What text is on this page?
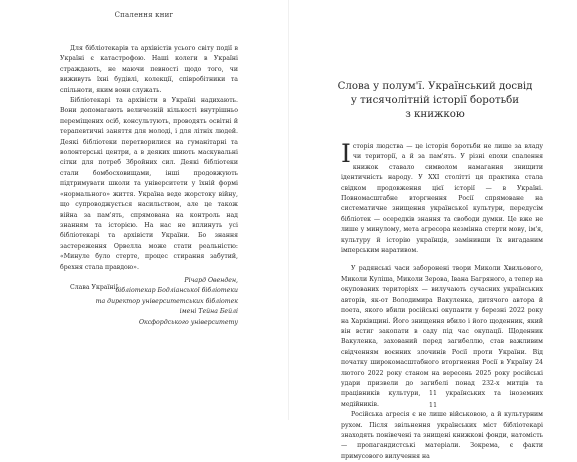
Спалення книг

Для бібліотекарів та архівістів усього світу події в Україні є катастрофою. Наші колеги в Україні страждають, не маючи певності щодо того, чи виживуть їхні будівлі, колекції, співробітники та спільноти, яким вони служать.

Бібліотекарі та архівісти в Україні надихають. Вони допомагають величезній кількості внутрішньо переміщених осіб, консультують, проводять освітні й терапевтичні заняття для молоді, і для літніх людей. Деякі бібліотеки перетворилися на гуманітарні та волонтерські центри, а в деяких шиють маскувальні сітки для потреб Збройних сил. Деякі бібліотеки стали бомбосховищами, інші продовжують підтримувати школи та університети у їхній формі «нормального» життя. Україна веде жорстоку війну, що супроводжується насильством, але це також війна за пам'ять, спрямована на контроль над знанням та історією. На нас не вплинуть усі бібліотекарі та архівісти України. Бо знання застереження Орвелла може стати реальністю: «Минуле було стерте, процес стирання забутий, брехня стала правдою».

Слава Україні!

Річард Овенден,
бібліотекар Бодліанської бібліотеки
та директор університетських бібліотек
імені Тейна Бейлі
Оксфордського університету
Слова у полум'ї. Український досвід
у тисячолітній історії боротьби
з книжкою

Історія людства — це історія боротьби не лише за владу чи території, а й за пам'ять. У різні епохи спалення книжок ставало символом намагання знищити ідентичність народу. У XXI столітті ця практика стала свідком продовження цієї історії — в Україні. Повномасштабне вторгнення Росії спрямоване на систематичне знищення української культури, передусім бібліотек — осередків знання та свободи думки. Це вже не лише у минулому, мета агресора незмінна стерти мову, ім'я, культуру й історію українців, замінивши їх вигаданим імперським наративом.

У радянські часи заборонені твори Миколи Хвильового, Миколи Куліша, Миколи Зерова, Івана Багряного, а тепер на окупованих територіях — вилучають сучасних українських авторів, як-от Володимира Вакуленка, дитячого автора й поета, якого вбили російські окупанти у березні 2022 року на Харківщині. Його знищення вбило і його щоденник, який він встиг закопати в саду під час окупації. Щоденник Вакуленка, захований перед загибеллю, став важливим свідченням воєнних злочинів Росії проти України. Від початку широкомасштабного вторгнення Росії в Україну 24 лютого 2022 року станом на вересень 2025 року російські удари призвели до загибелі понад 232-х митців та працівників культури, 11 українських та іноземних медійників.

Російська агресія є не лише військовою, а й культурним рухом. Після звільнення українських міст бібліотекарі знаходять понівечені та знищені книжкові фонди, натомість — пропагандистські матеріали. Зокрема, є факти примусового вилучення на

11
